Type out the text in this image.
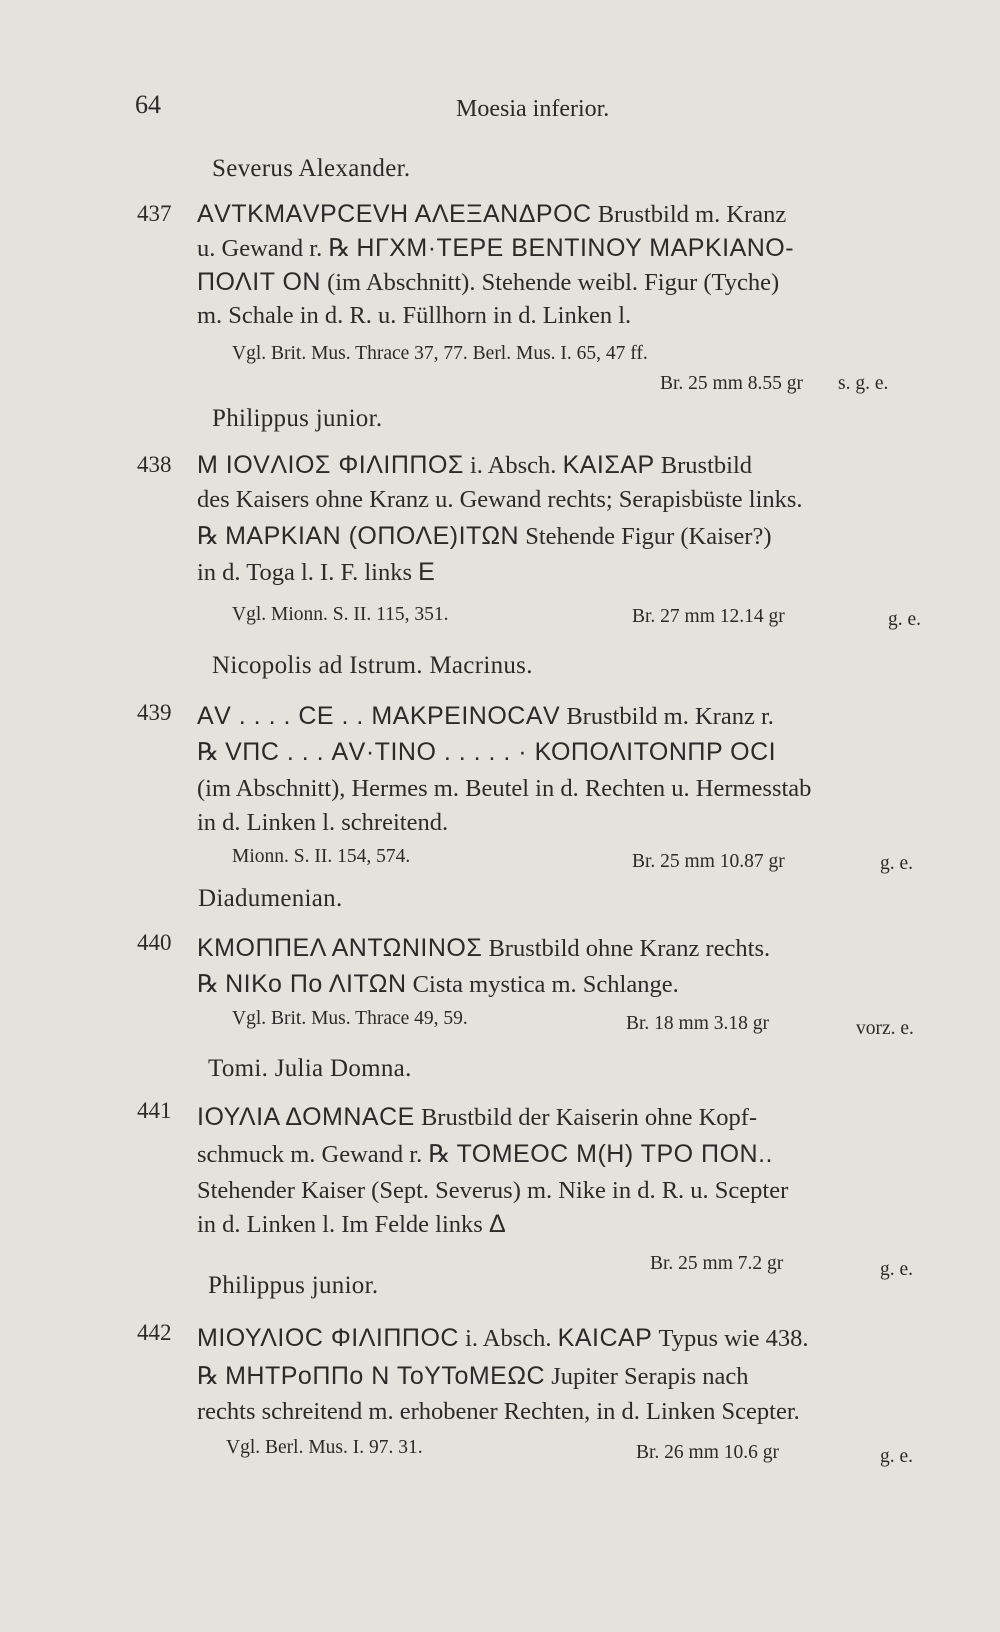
64	Moesia inferior.
Severus Alexander.
437 ΑVΤΚΜΑVΡCΕVΗ ΑΛΕΞΑΝΔΡΟC Brustbild m. Kranz
u. Gewand r. ℞ ΗΓΧΜ·ΤΕΡΕ ΒΕΝΤΙΝΟΥ ΜΑΡΚΙΑΝΟ-
ΠΟΛΙΤ ΟΝ (im Abschnitt). Stehende weibl. Figur (Tyche)
m. Schale in d. R. u. Füllhorn in d. Linken l.
Vgl. Brit. Mus. Thrace 37, 77. Berl. Mus. I. 65, 47 ff.
Br. 25 mm 8.55 gr s. g. e.
Philippus junior.
438 Μ ΙΟVΛΙΟΣ ΦΙΛΙΠΠΟΣ i. Absch. ΚΑΙΣΑΡ Brustbild
des Kaisers ohne Kranz u. Gewand rechts; Serapisbüste links.
℞ ΜΑΡΚΙΑΝ (ΟΠΟΛΕ)ΙΤΩΝ Stehende Figur (Kaiser?)
in d. Toga l. I. F. links Ε
Vgl. Mionn. S. II. 115, 351.	Br. 27 mm 12.14 gr	g. e.
Nicopolis ad Istrum. Macrinus.
439 ΑV . . . . CΕ . . ΜΑΚΡΕΙΝΟCΑV Brustbild m. Kranz r.
℞ VΠC . . . ΑV·ΤΙΝΟ . . . . . · ΚΟΠΟΛΙΤΟΝΠΡ ΟCΙ
(im Abschnitt), Hermes m. Beutel in d. Rechten u. Hermesstab
in d. Linken l. schreitend.
Mionn. S. II. 154, 574.	Br. 25 mm 10.87 gr	g. e.
Diadumenian.
440 ΚΜΟΠΠΕΛ ΑΝΤΩΝΙΝΟΣ Brustbild ohne Kranz rechts.
℞ ΝΙΚο Πο ΛΙΤΩΝ Cista mystica m. Schlange.
Vgl. Brit. Mus. Thrace 49, 59.	Br. 18 mm 3.18 gr	vorz. e.
Tomi. Julia Domna.
441 ΙΟΥΛΙΑ ΔΟΜΝΑCΕ Brustbild der Kaiserin ohne Kopf-
schmuck m. Gewand r. ℞ ΤΟΜΕΟC Μ(Η) ΤΡΟ ΠΟΝ..
Stehender Kaiser (Sept. Severus) m. Nike in d. R. u. Scepter
in d. Linken l. Im Felde links Δ
Br. 25 mm 7.2 gr	g. e.
Philippus junior.
442 ΜΙΟΥΛΙΟC ΦΙΛΙΠΠΟC i. Absch. ΚΑΙCΑΡ Typus wie 438.
℞ ΜΗΤΡοΠΠο Ν ΤοΥΤοΜΕΩC Jupiter Serapis nach
rechts schreitend m. erhobener Rechten, in d. Linken Scepter.
Vgl. Berl. Mus. I. 97. 31.	Br. 26 mm 10.6 gr	g. e.
